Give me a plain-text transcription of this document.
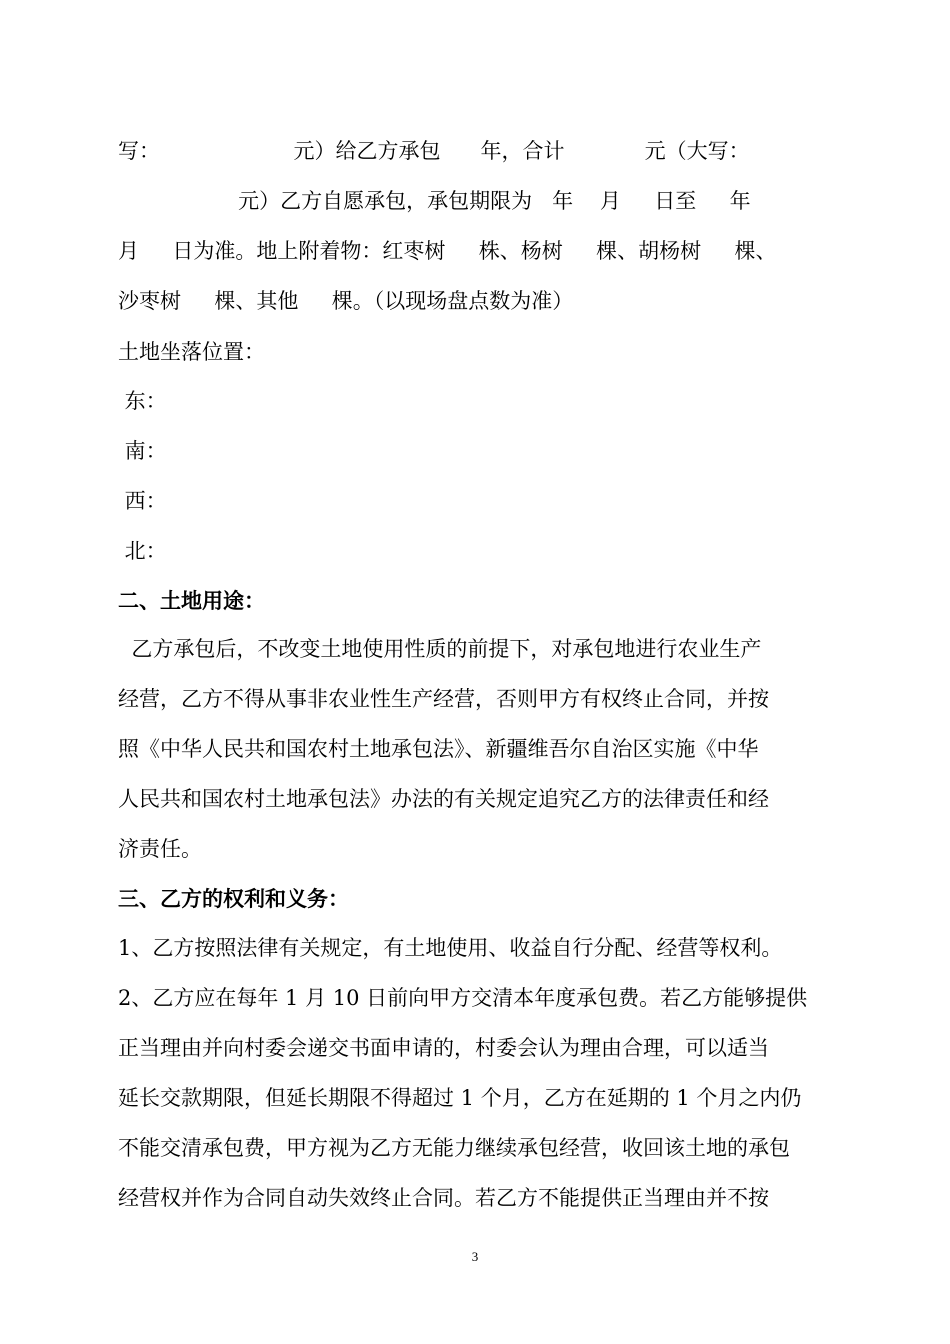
写：                    元）给乙方承包      年，合计            元（大写：
元）乙方自愿承包，承包期限为   年    月     日至     年
月     日为准。地上附着物：红枣树     株、杨树     棵、胡杨树     棵、
沙枣树     棵、其他     棵。（以现场盘点数为准）
土地坐落位置：
东：
南：
西：
北：
二、土地用途：
乙方承包后，不改变土地使用性质的前提下，对承包地进行农业生产
经营，乙方不得从事非农业性生产经营，否则甲方有权终止合同，并按
照《中华人民共和国农村土地承包法》、新疆维吾尔自治区实施《中华
人民共和国农村土地承包法》办法的有关规定追究乙方的法律责任和经
济责任。
三、乙方的权利和义务：
1、乙方按照法律有关规定，有土地使用、收益自行分配、经营等权利。
2、乙方应在每年 1 月 10 日前向甲方交清本年度承包费。若乙方能够提供
正当理由并向村委会递交书面申请的，村委会认为理由合理，可以适当
延长交款期限，但延长期限不得超过 1 个月，乙方在延期的 1 个月之内仍
不能交清承包费，甲方视为乙方无能力继续承包经营，收回该土地的承包
经营权并作为合同自动失效终止合同。若乙方不能提供正当理由并不按
3
